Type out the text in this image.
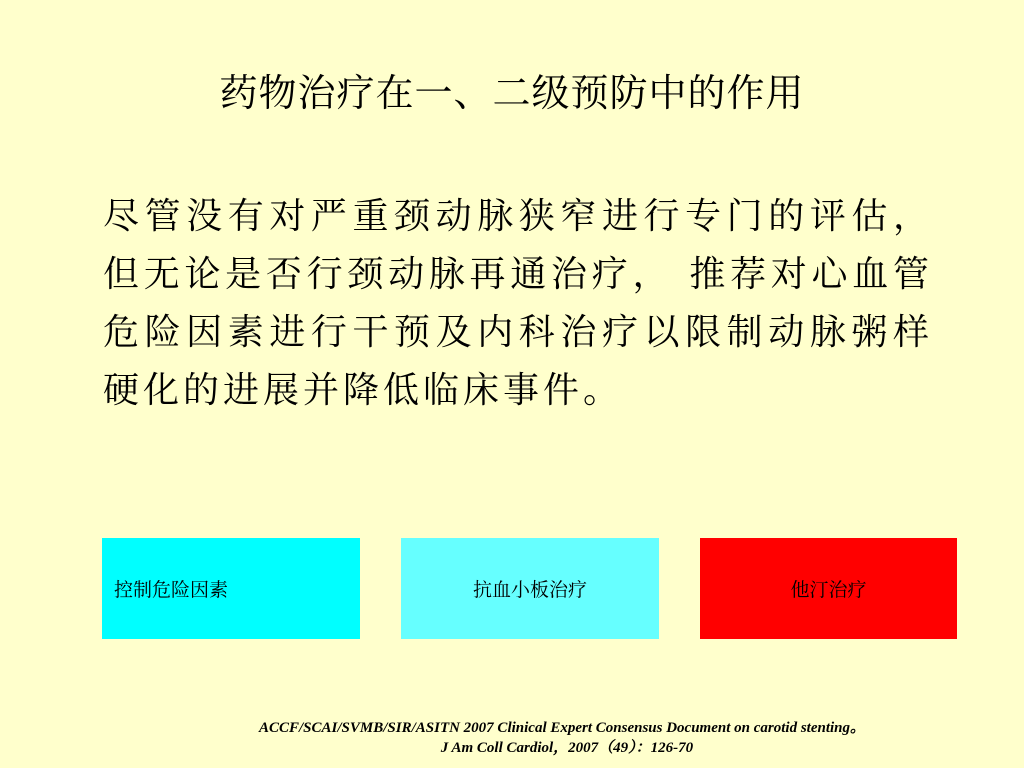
药物治疗在一、二级预防中的作用
尽管没有对严重颈动脉狭窄进行专门的评估， 但无论是否行颈动脉再通治疗， 推荐对心血管危险因素进行干预及内科治疗以限制动脉粥样硬化的进展并降低临床事件。
控制危险因素	抗血小板治疗	他汀治疗
ACCF/SCAI/SVMB/SIR/ASITN 2007 Clinical Expert Consensus Document on carotid stenting。
J Am Coll Cardiol，2007（49）：126-70
